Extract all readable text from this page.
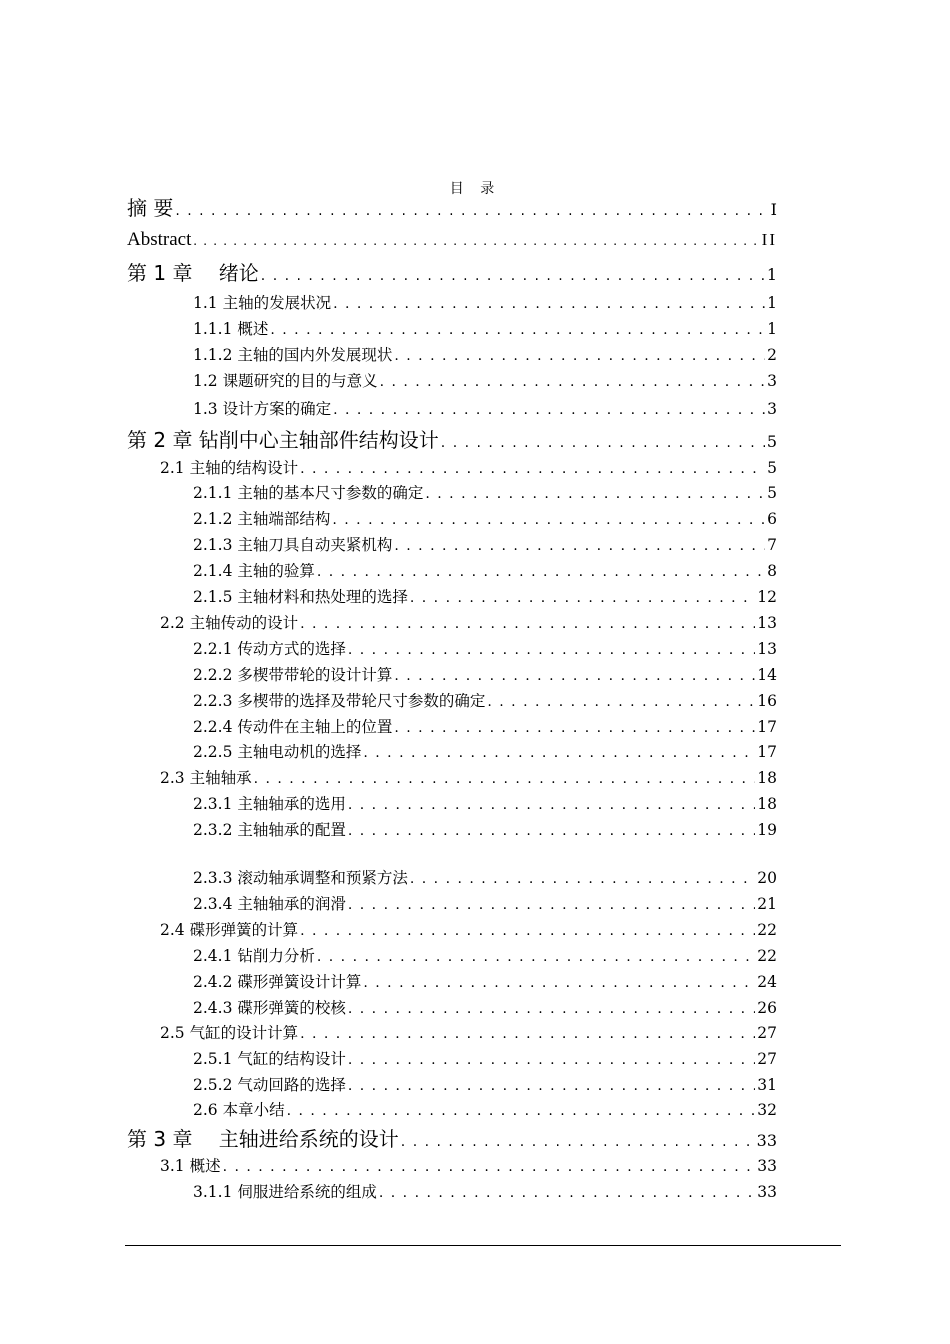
目 录
摘 要 . . .	I
Abstract . . .	II
第 1 章　 绪论 . . .	1
1.1 主轴的发展状况 . . .	1
1.1.1 概述 . . .	1
1.1.2 主轴的国内外发展现状 . . .	2
1.2 课题研究的目的与意义 . . .	3
1.3 设计方案的确定 . . .	3
第 2 章 钻削中心主轴部件结构设计 . . .	5
2.1 主轴的结构设计 . . .	5
2.1.1 主轴的基本尺寸参数的确定 . . .	5
2.1.2 主轴端部结构 . . .	6
2.1.3 主轴刀具自动夹紧机构 . . .	7
2.1.4 主轴的验算 . . .	8
2.1.5 主轴材料和热处理的选择 . . .	12
2.2 主轴传动的设计 . . .	13
2.2.1 传动方式的选择 . . .	13
2.2.2 多楔带带轮的设计计算 . . .	14
2.2.3 多楔带的选择及带轮尺寸参数的确定 . . .	16
2.2.4 传动件在主轴上的位置 . . .	17
2.2.5 主轴电动机的选择 . . .	17
2.3 主轴轴承 . . .	18
2.3.1 主轴轴承的选用 . . .	18
2.3.2 主轴轴承的配置 . . .	19
2.3.3 滚动轴承调整和预紧方法 . . .	20
2.3.4 主轴轴承的润滑 . . .	21
2.4 碟形弹簧的计算 . . .	22
2.4.1 钻削力分析 . . .	22
2.4.2 碟形弹簧设计计算 . . .	24
2.4.3 碟形弹簧的校核 . . .	26
2.5 气缸的设计计算 . . .	27
2.5.1 气缸的结构设计 . . .	27
2.5.2 气动回路的选择 . . .	31
2.6 本章小结 . . .	32
第 3 章　 主轴进给系统的设计 . . .	33
3.1 概述 . . .	33
3.1.1 伺服进给系统的组成 . . .	33
